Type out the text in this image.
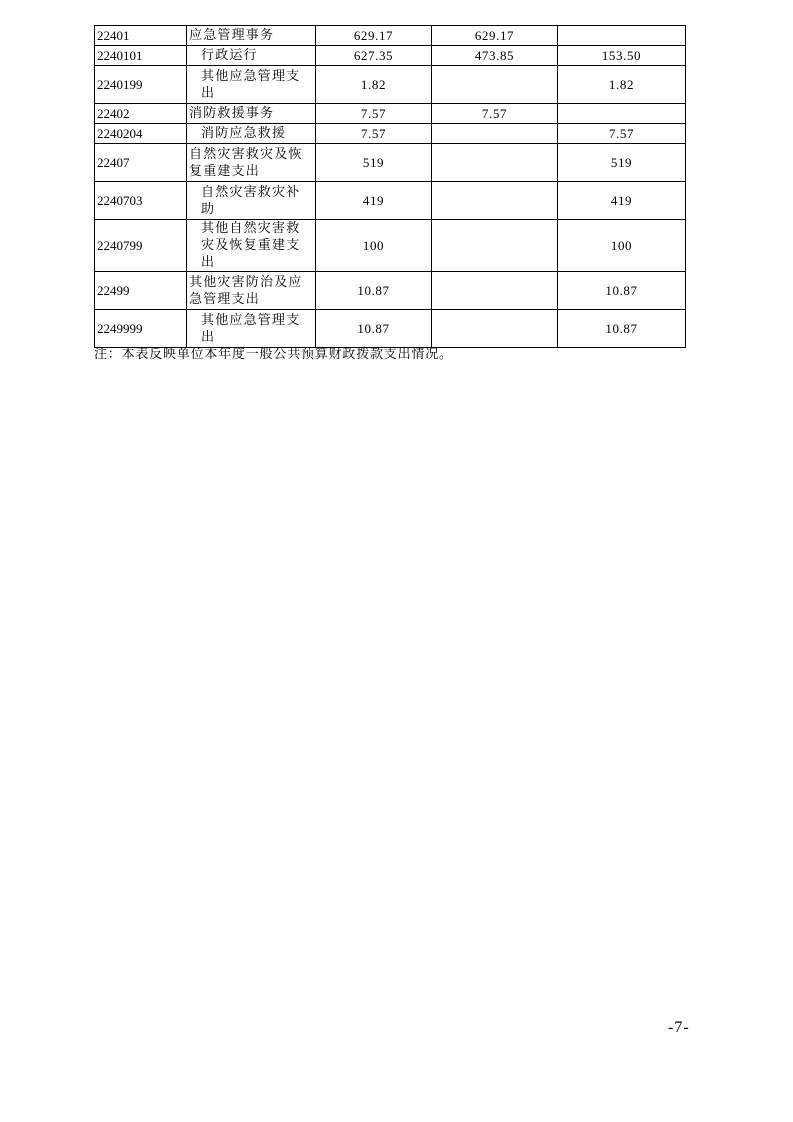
22401	应急管理事务	629.17	629.17	
2240101	行政运行	627.35	473.85	153.50
2240199	其他应急管理支出	1.82		1.82
22402	消防救援事务	7.57	7.57	
2240204	消防应急救援	7.57		7.57
22407	自然灾害救灾及恢复重建支出	519		519
2240703	自然灾害救灾补助	419		419
2240799	其他自然灾害救灾及恢复重建支出	100		100
22499	其他灾害防治及应急管理支出	10.87		10.87
2249999	其他应急管理支出	10.87		10.87
注：本表反映单位本年度一般公共预算财政拨款支出情况。
-7-
